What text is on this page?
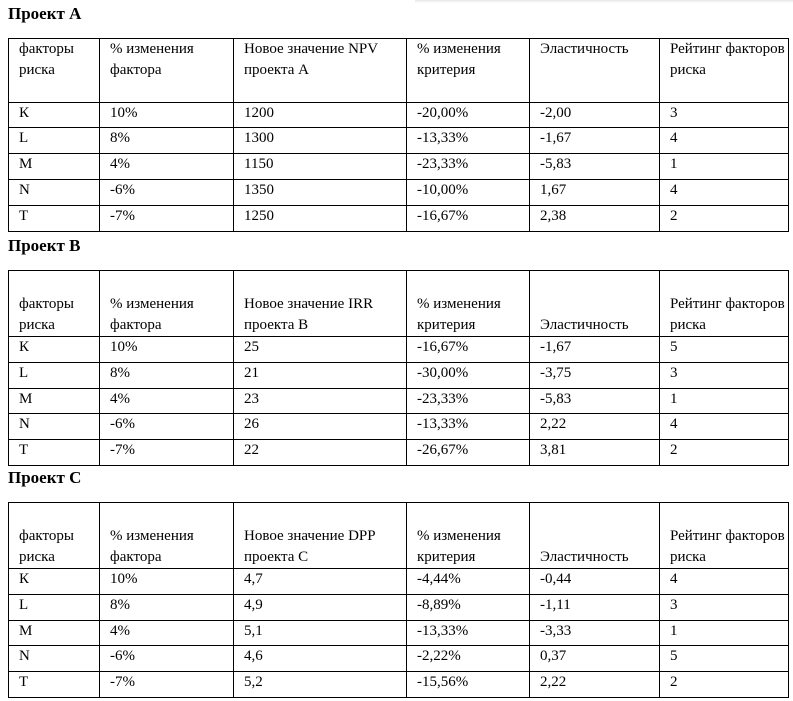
Проект А
факторы риска	% изменения фактора	Новое значение NPV проекта А	% изменения критерия	Эластичность	Рейтинг факторов риска
К	10%	1200	-20,00%	-2,00	3
L	8%	1300	-13,33%	-1,67	4
M	4%	1150	-23,33%	-5,83	1
N	-6%	1350	-10,00%	1,67	4
T	-7%	1250	-16,67%	2,38	2
Проект В
факторы риска	% изменения фактора	Новое значение IRR проекта B	% изменения критерия	Эластичность	Рейтинг факторов риска
К	10%	25	-16,67%	-1,67	5
L	8%	21	-30,00%	-3,75	3
M	4%	23	-23,33%	-5,83	1
N	-6%	26	-13,33%	2,22	4
T	-7%	22	-26,67%	3,81	2
Проект С
факторы риска	% изменения фактора	Новое значение DPP проекта С	% изменения критерия	Эластичность	Рейтинг факторов риска
К	10%	4,7	-4,44%	-0,44	4
L	8%	4,9	-8,89%	-1,11	3
M	4%	5,1	-13,33%	-3,33	1
N	-6%	4,6	-2,22%	0,37	5
T	-7%	5,2	-15,56%	2,22	2
